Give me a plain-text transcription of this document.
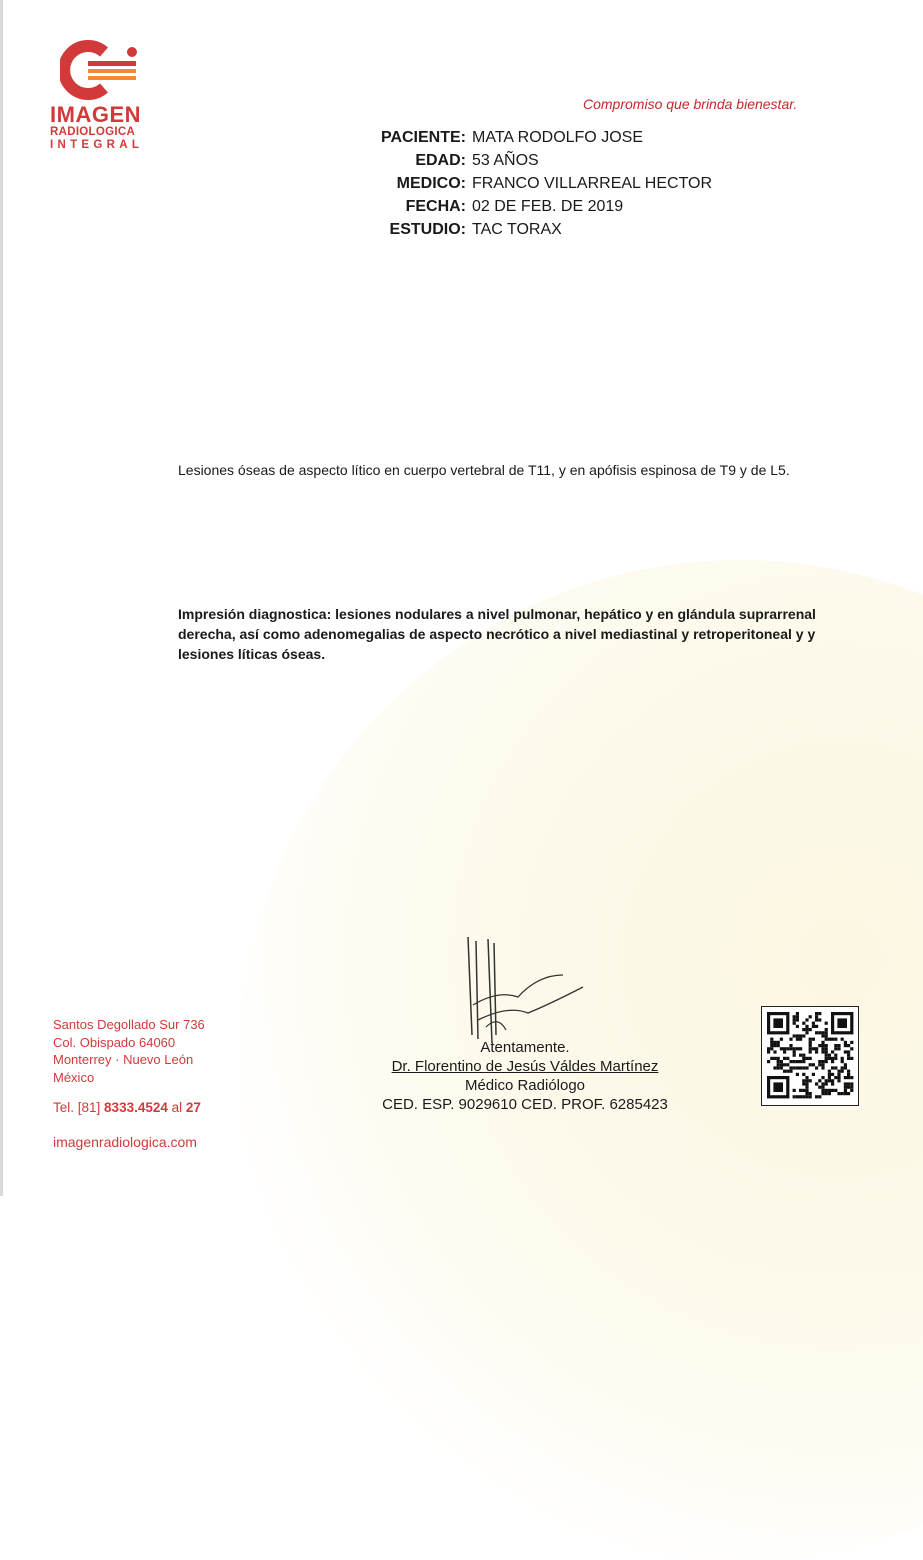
IMAGEN
RADIOLOGICA
INTEGRAL
Compromiso que brinda bienestar.
PACIENTE: MATA RODOLFO JOSE
EDAD: 53 AÑOS
MEDICO: FRANCO VILLARREAL HECTOR
FECHA: 02 DE FEB. DE 2019
ESTUDIO: TAC TORAX
Lesiones óseas de aspecto lítico en cuerpo vertebral de T11, y en apófisis espinosa de T9 y de L5.
Impresión diagnostica: lesiones nodulares a nivel pulmonar, hepático y en glándula suprarrenal derecha, así como adenomegalias de aspecto necrótico a nivel mediastinal y retroperitoneal y y lesiones líticas óseas.
Atentamente.
Dr. Florentino de Jesús Váldes Martínez
Médico Radiólogo
CED. ESP. 9029610 CED. PROF. 6285423
Santos Degollado Sur 736
Col. Obispado 64060
Monterrey · Nuevo León
México
Tel. [81] 8333.4524 al 27
imagenradiologica.com
